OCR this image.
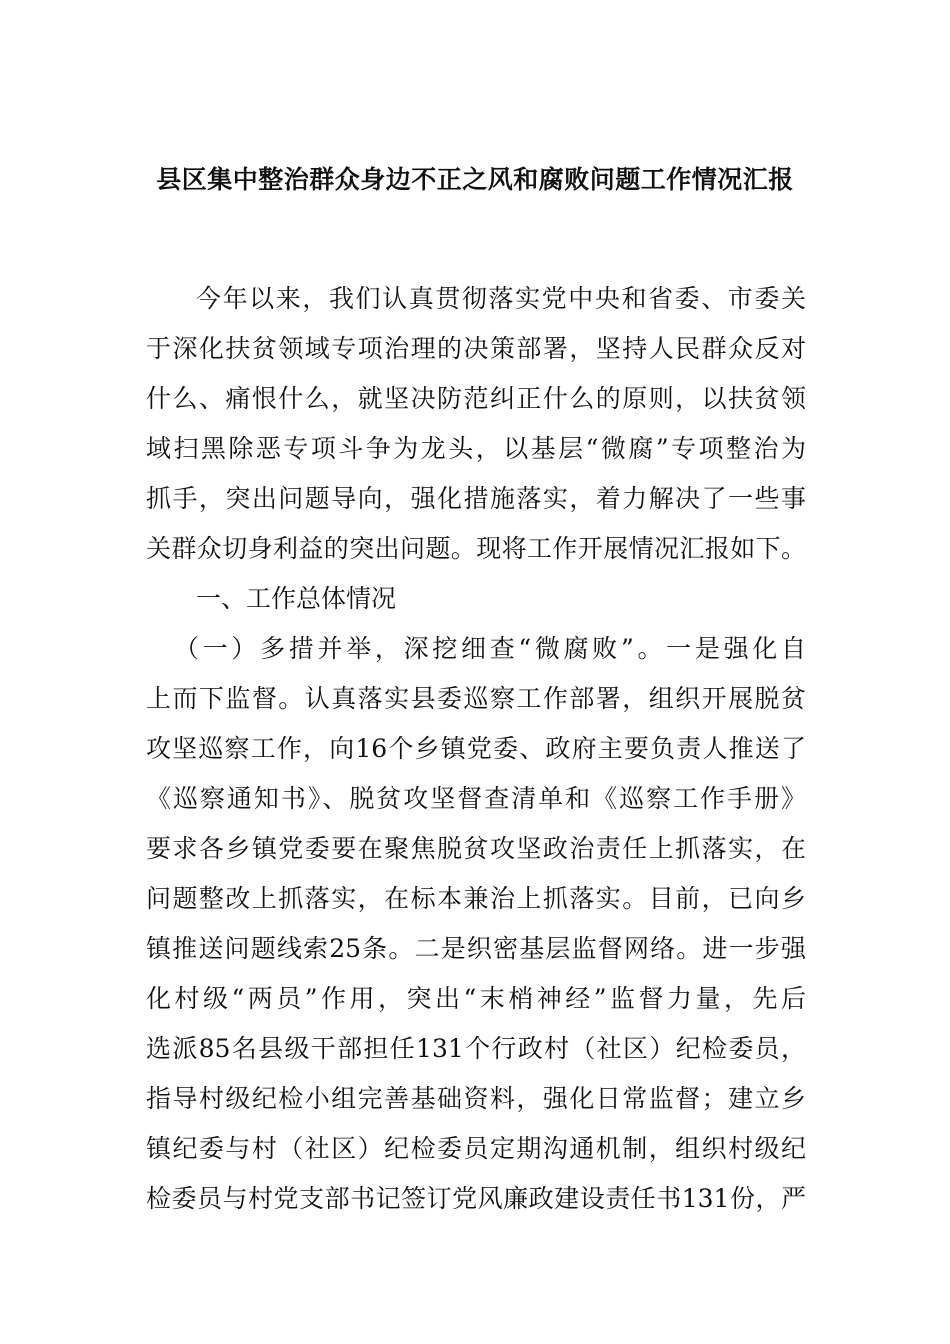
县区集中整治群众身边不正之风和腐败问题工作情况汇报
今年以来，我们认真贯彻落实党中央和省委、市委关
于深化扶贫领域专项治理的决策部署，坚持人民群众反对
什么、痛恨什么，就坚决防范纠正什么的原则，以扶贫领
域扫黑除恶专项斗争为龙头，以基层“微腐”专项整治为
抓手，突出问题导向，强化措施落实，着力解决了一些事
关群众切身利益的突出问题。现将工作开展情况汇报如下。
一、工作总体情况
（一）多措并举，深挖细查“微腐败”。一是强化自
上而下监督。认真落实县委巡察工作部署，组织开展脱贫
攻坚巡察工作，向16个乡镇党委、政府主要负责人推送了
《巡察通知书》、脱贫攻坚督查清单和《巡察工作手册》
要求各乡镇党委要在聚焦脱贫攻坚政治责任上抓落实，在
问题整改上抓落实，在标本兼治上抓落实。目前，已向乡
镇推送问题线索25条。二是织密基层监督网络。进一步强
化村级“两员”作用，突出“末梢神经”监督力量，先后
选派85名县级干部担任131个行政村（社区）纪检委员，
指导村级纪检小组完善基础资料，强化日常监督；建立乡
镇纪委与村（社区）纪检委员定期沟通机制，组织村级纪
检委员与村党支部书记签订党风廉政建设责任书131份，严
